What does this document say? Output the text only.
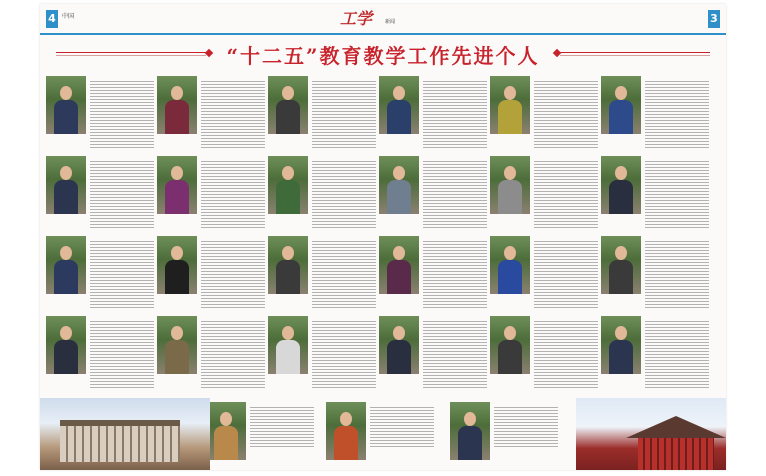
4	中国	工学	新闻	3
“十二五”教育教学工作先进个人
